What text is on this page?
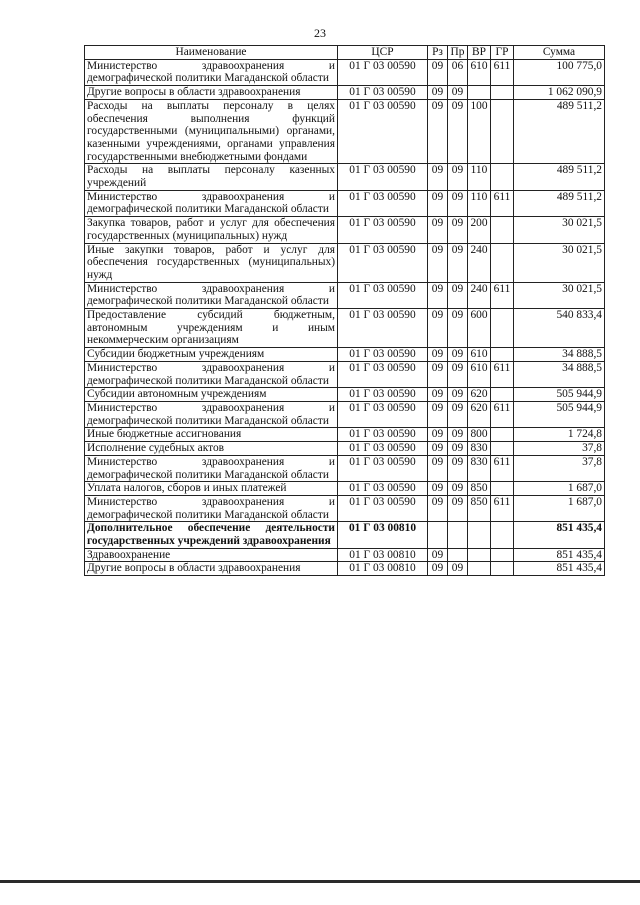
23
Наименование	ЦСР	Рз	Пр	ВР	ГР	Сумма
Министерство здравоохранения и демографической политики Магаданской области	01 Г 03 00590	09	06	610	611	100 775,0
Другие вопросы в области здравоохранения	01 Г 03 00590	09	09			1 062 090,9
Расходы на выплаты персоналу в целях обеспечения выполнения функций государственными (муниципальными) органами, казенными учреждениями, органами управления государственными внебюджетными фондами	01 Г 03 00590	09	09	100		489 511,2
Расходы на выплаты персоналу казенных учреждений	01 Г 03 00590	09	09	110		489 511,2
Министерство здравоохранения и демографической политики Магаданской области	01 Г 03 00590	09	09	110	611	489 511,2
Закупка товаров, работ и услуг для обеспечения государственных (муниципальных) нужд	01 Г 03 00590	09	09	200		30 021,5
Иные закупки товаров, работ и услуг для обеспечения государственных (муниципальных) нужд	01 Г 03 00590	09	09	240		30 021,5
Министерство здравоохранения и демографической политики Магаданской области	01 Г 03 00590	09	09	240	611	30 021,5
Предоставление субсидий бюджетным, автономным учреждениям и иным некоммерческим организациям	01 Г 03 00590	09	09	600		540 833,4
Субсидии бюджетным учреждениям	01 Г 03 00590	09	09	610		34 888,5
Министерство здравоохранения и демографической политики Магаданской области	01 Г 03 00590	09	09	610	611	34 888,5
Субсидии автономным учреждениям	01 Г 03 00590	09	09	620		505 944,9
Министерство здравоохранения и демографической политики Магаданской области	01 Г 03 00590	09	09	620	611	505 944,9
Иные бюджетные ассигнования	01 Г 03 00590	09	09	800		1 724,8
Исполнение судебных актов	01 Г 03 00590	09	09	830		37,8
Министерство здравоохранения и демографической политики Магаданской области	01 Г 03 00590	09	09	830	611	37,8
Уплата налогов, сборов и иных платежей	01 Г 03 00590	09	09	850		1 687,0
Министерство здравоохранения и демографической политики Магаданской области	01 Г 03 00590	09	09	850	611	1 687,0
Дополнительное обеспечение деятельности государственных учреждений здравоохранения	01 Г 03 00810					851 435,4
Здравоохранение	01 Г 03 00810	09				851 435,4
Другие вопросы в области здравоохранения	01 Г 03 00810	09	09			851 435,4
